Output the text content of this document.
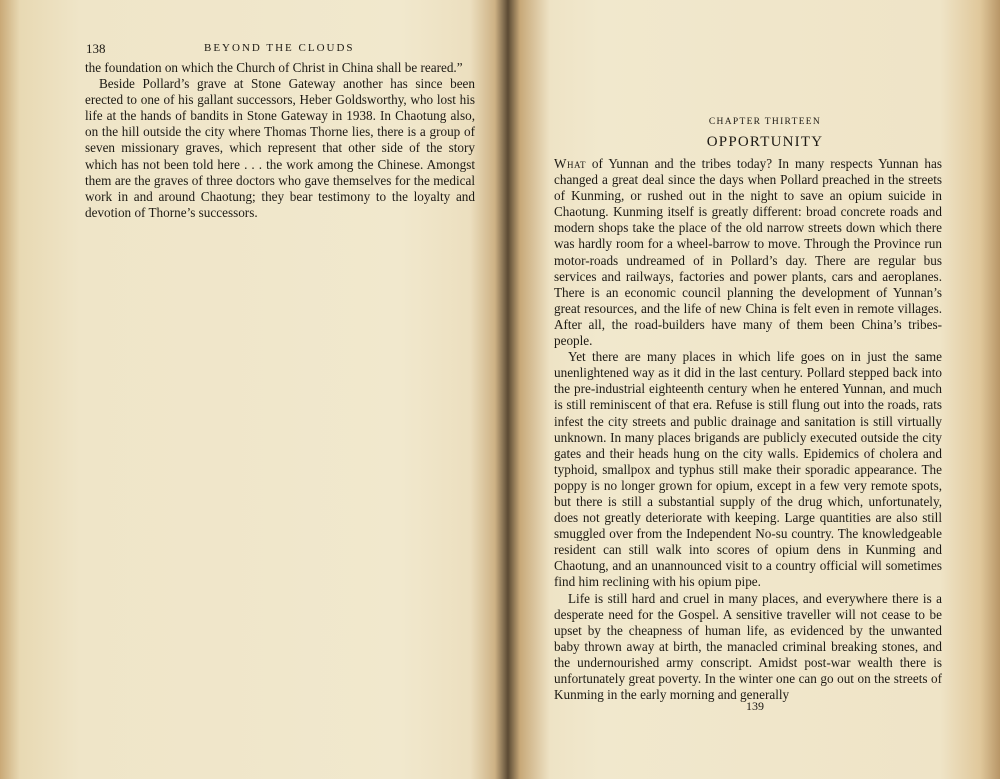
138	BEYOND THE CLOUDS

the foundation on which the Church of Christ in China shall be reared.”

Beside Pollard’s grave at Stone Gateway another has since been erected to one of his gallant successors, Heber Goldsworthy, who lost his life at the hands of bandits in Stone Gateway in 1938. In Chaotung also, on the hill outside the city where Thomas Thorne lies, there is a group of seven missionary graves, which represent that other side of the story which has not been told here . . . the work among the Chinese. Amongst them are the graves of three doctors who gave themselves for the medical work in and around Chaotung; they bear testimony to the loyalty and devotion of Thorne’s successors.

CHAPTER THIRTEEN
OPPORTUNITY

What of Yunnan and the tribes today? In many respects Yunnan has changed a great deal since the days when Pollard preached in the streets of Kunming, or rushed out in the night to save an opium suicide in Chaotung. Kunming itself is greatly different: broad concrete roads and modern shops take the place of the old narrow streets down which there was hardly room for a wheel-barrow to move. Through the Province run motor-roads undreamed of in Pollard’s day. There are regular bus services and railways, factories and power plants, cars and aeroplanes. There is an economic council planning the development of Yunnan’s great resources, and the life of new China is felt even in remote villages. After all, the road-builders have many of them been China’s tribes-people.

Yet there are many places in which life goes on in just the same unenlightened way as it did in the last century. Pollard stepped back into the pre-industrial eighteenth century when he entered Yunnan, and much is still reminiscent of that era. Refuse is still flung out into the roads, rats infest the city streets and public drainage and sanitation is still virtually unknown. In many places brigands are publicly executed outside the city gates and their heads hung on the city walls. Epidemics of cholera and typhoid, smallpox and typhus still make their sporadic appearance. The poppy is no longer grown for opium, except in a few very remote spots, but there is still a substantial supply of the drug which, unfortunately, does not greatly deteriorate with keeping. Large quantities are also still smuggled over from the Independent No-su country. The knowledgeable resident can still walk into scores of opium dens in Kunming and Chaotung, and an unannounced visit to a country official will sometimes find him reclining with his opium pipe.

Life is still hard and cruel in many places, and everywhere there is a desperate need for the Gospel. A sensitive traveller will not cease to be upset by the cheapness of human life, as evidenced by the unwanted baby thrown away at birth, the manacled criminal breaking stones, and the undernourished army conscript. Amidst post-war wealth there is unfortunately great poverty. In the winter one can go out on the streets of Kunming in the early morning and generally

139
